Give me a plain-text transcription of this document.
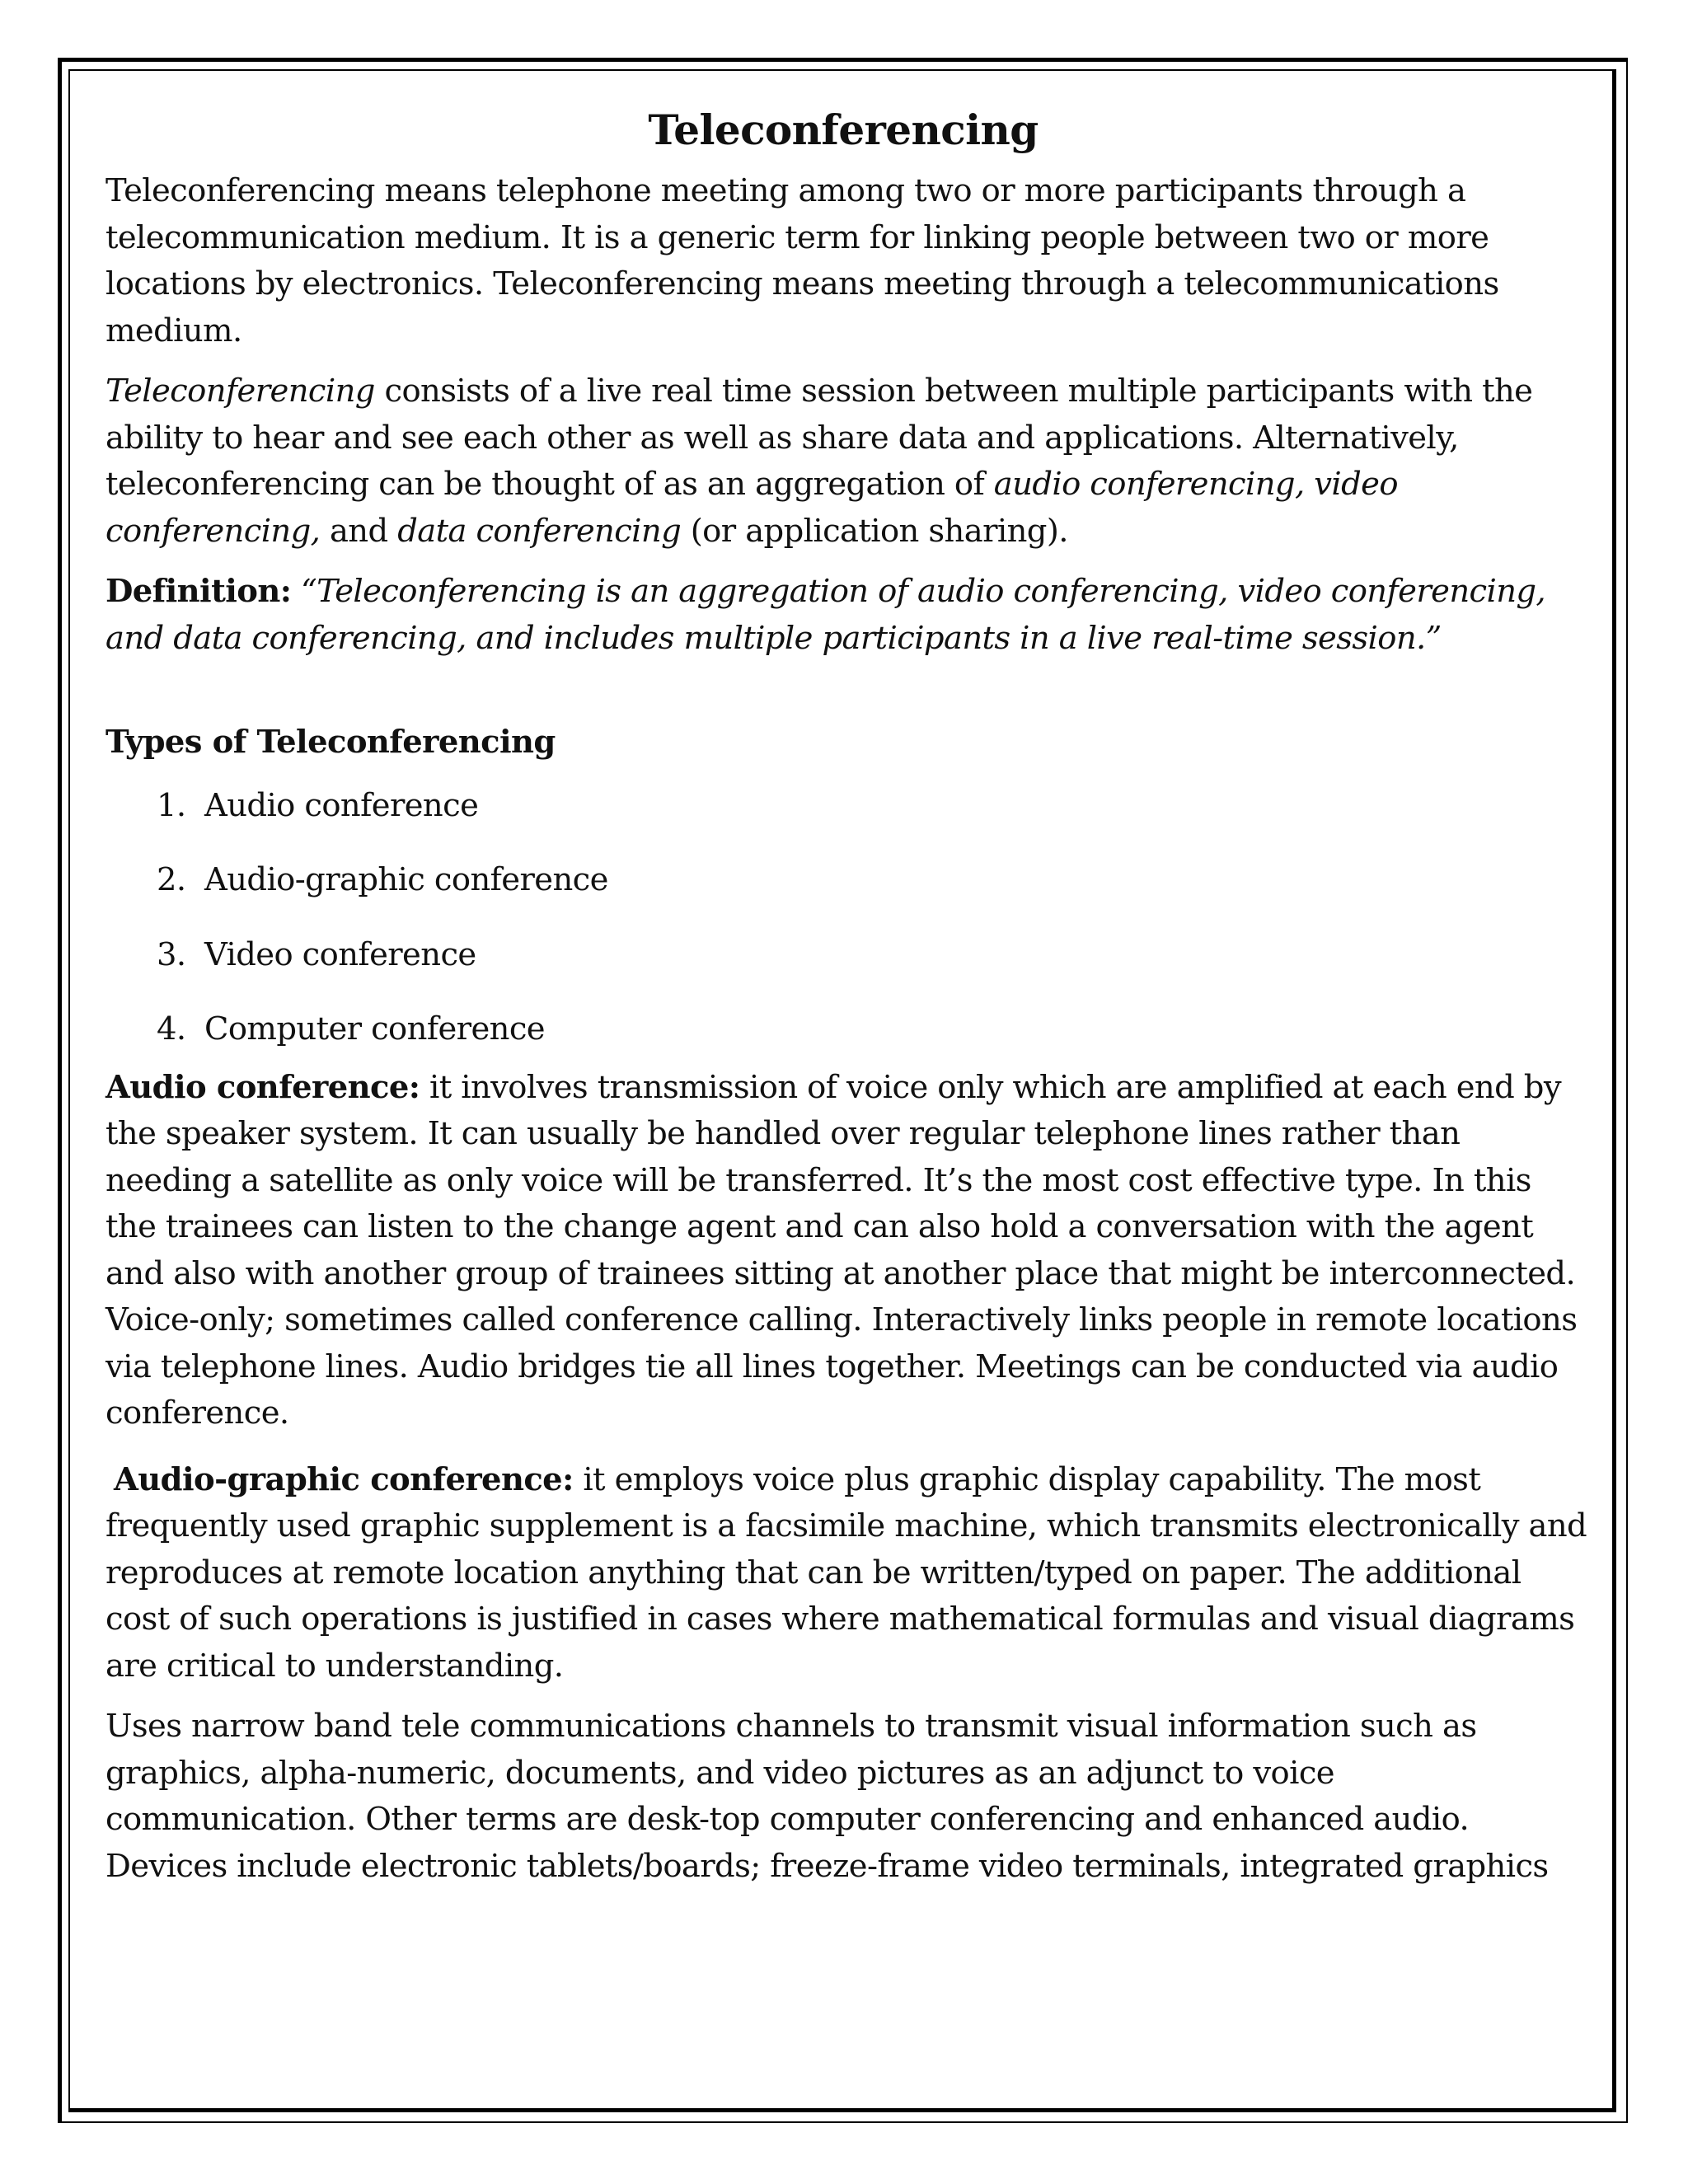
Teleconferencing

Teleconferencing means telephone meeting among two or more participants through a telecommunication medium. It is a generic term for linking people between two or more locations by electronics. Teleconferencing means meeting through a telecommunications medium.

Teleconferencing consists of a live real time session between multiple participants with the ability to hear and see each other as well as share data and applications. Alternatively, teleconferencing can be thought of as an aggregation of audio conferencing, video conferencing, and data conferencing (or application sharing).

Definition: “Teleconferencing is an aggregation of audio conferencing, video conferencing, and data conferencing, and includes multiple participants in a live real-time session.”

Types of Teleconferencing
1. Audio conference
2. Audio-graphic conference
3. Video conference
4. Computer conference

Audio conference: it involves transmission of voice only which are amplified at each end by the speaker system. It can usually be handled over regular telephone lines rather than needing a satellite as only voice will be transferred. It’s the most cost effective type. In this the trainees can listen to the change agent and can also hold a conversation with the agent and also with another group of trainees sitting at another place that might be interconnected. Voice-only; sometimes called conference calling. Interactively links people in remote locations via telephone lines. Audio bridges tie all lines together. Meetings can be conducted via audio conference.

Audio-graphic conference: it employs voice plus graphic display capability. The most frequently used graphic supplement is a facsimile machine, which transmits electronically and reproduces at remote location anything that can be written/typed on paper. The additional cost of such operations is justified in cases where mathematical formulas and visual diagrams are critical to understanding.

Uses narrow band tele communications channels to transmit visual information such as graphics, alpha-numeric, documents, and video pictures as an adjunct to voice communication. Other terms are desk-top computer conferencing and enhanced audio. Devices include electronic tablets/boards; freeze-frame video terminals, integrated graphics
